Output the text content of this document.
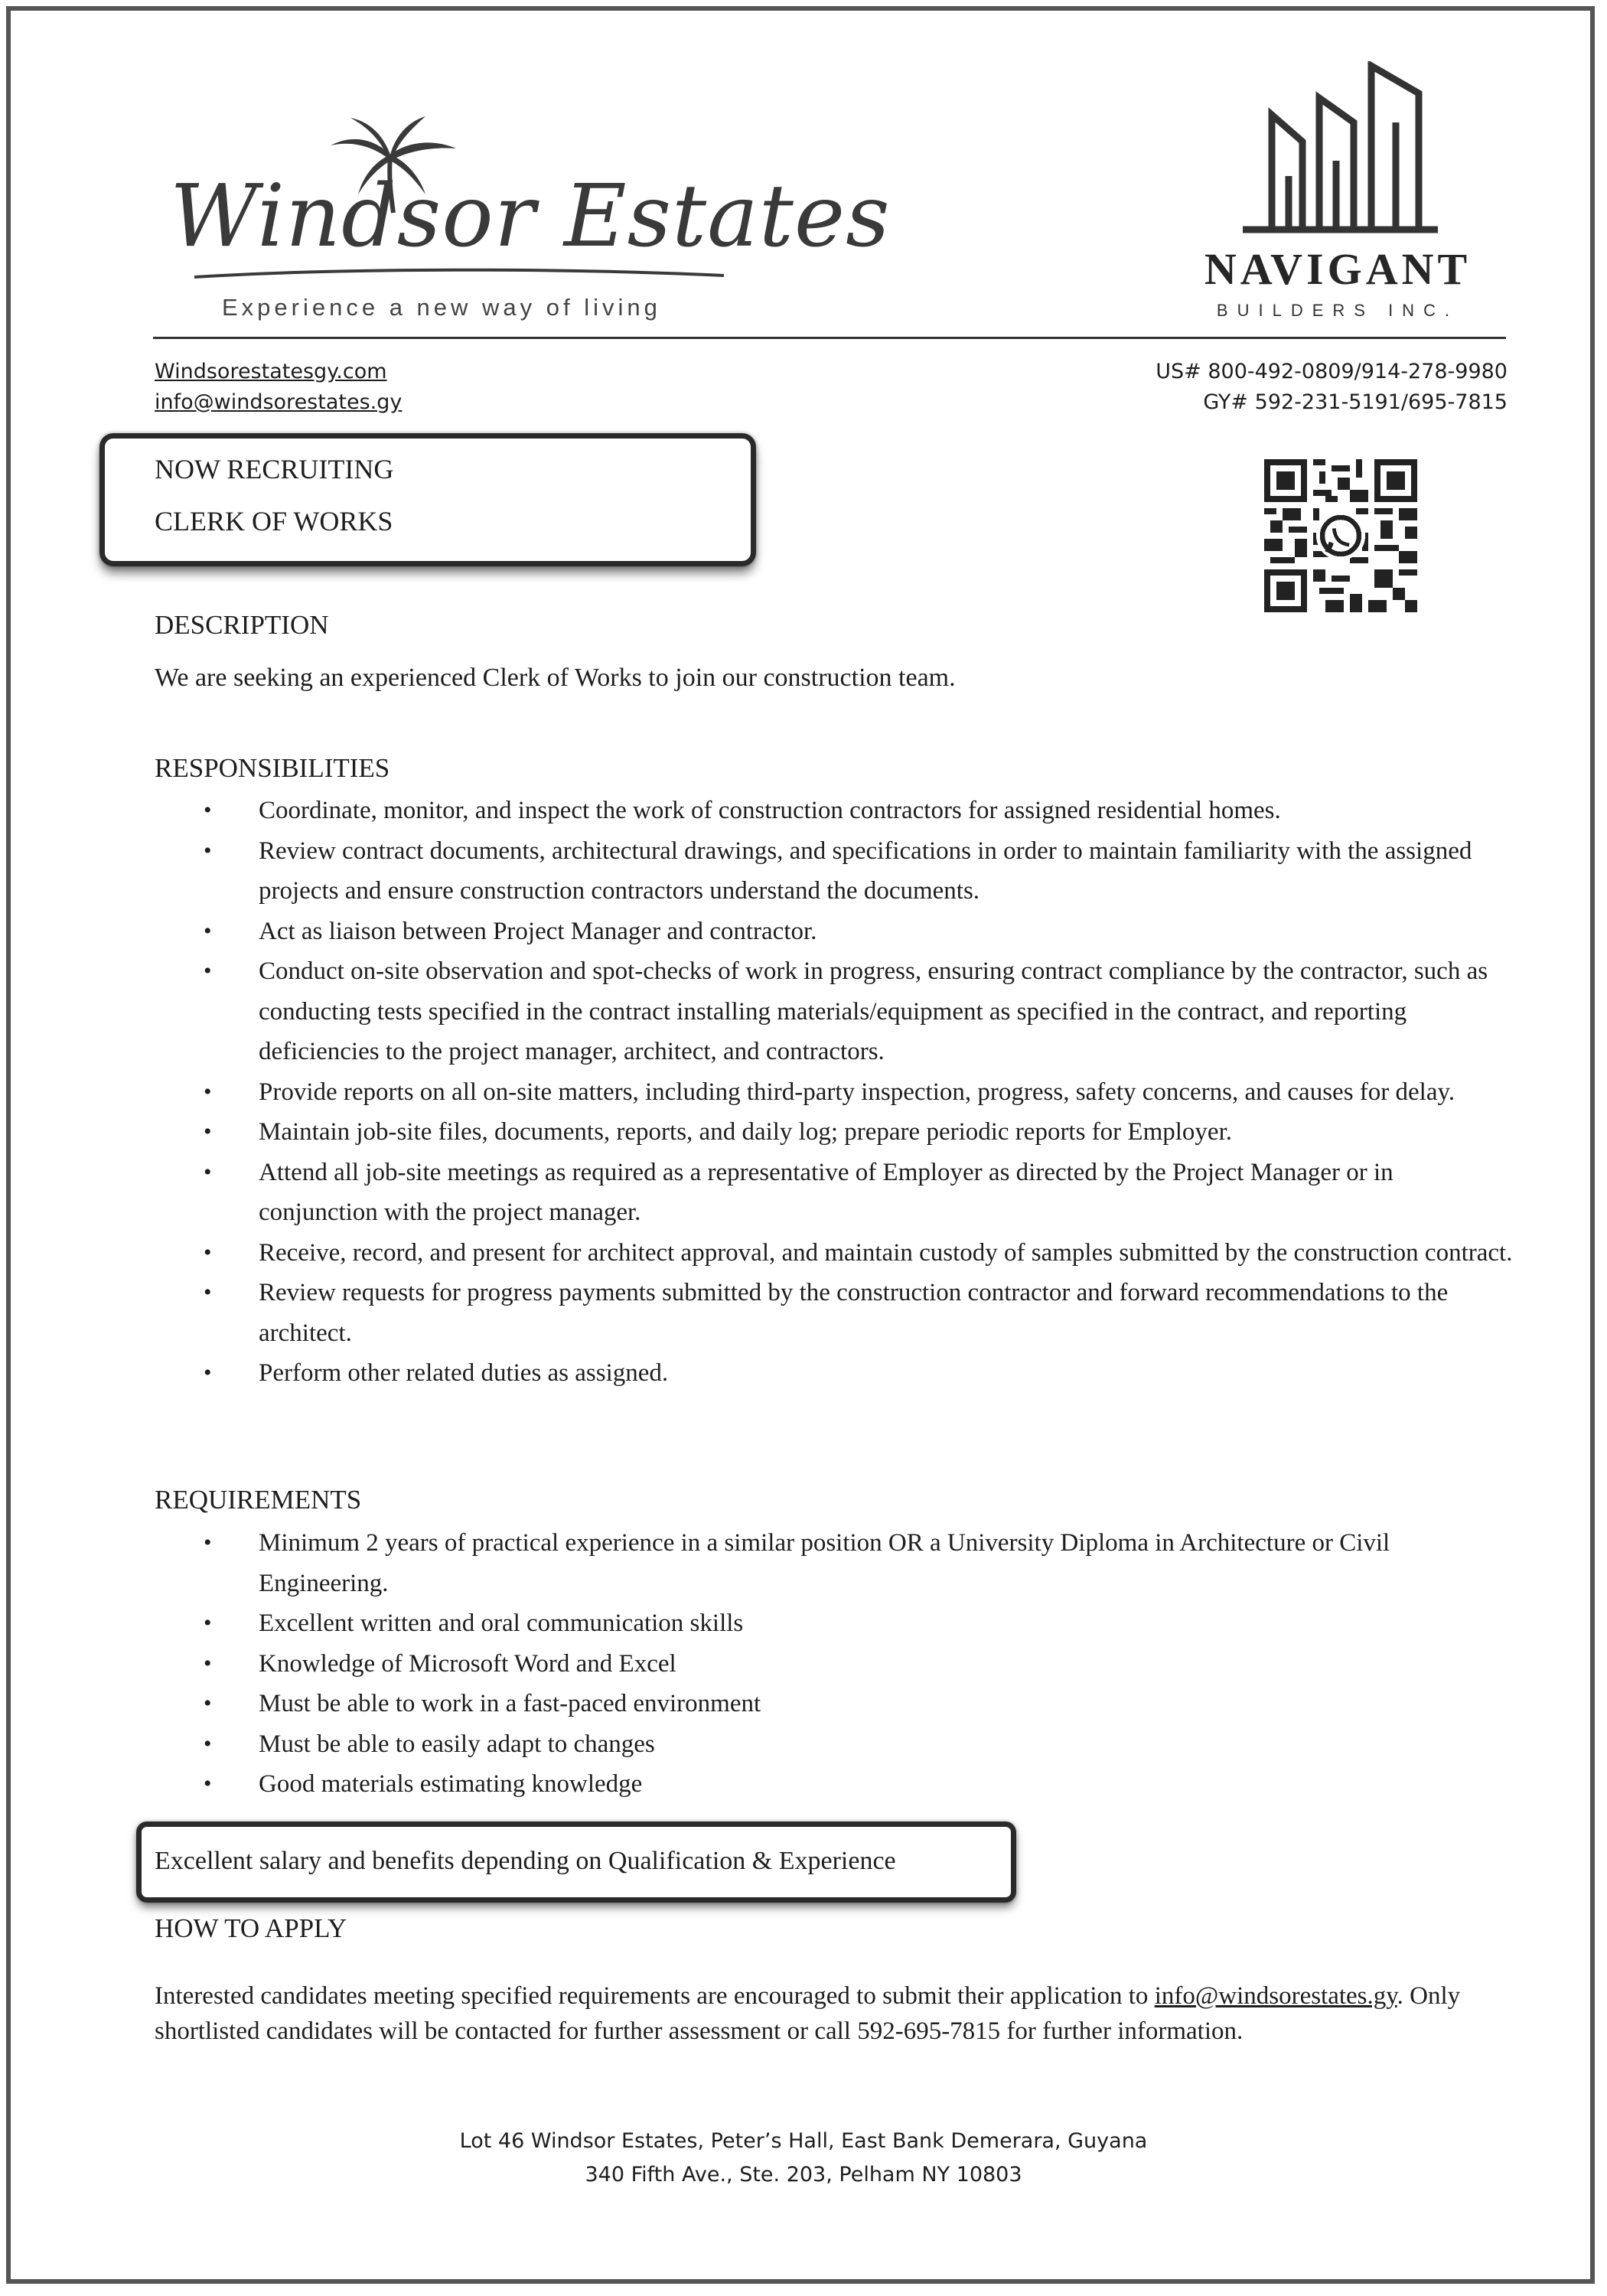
Windsor Estates
Experience a new way of living
NAVIGANT
BUILDERS INC.
Windsorestatesgy.com
info@windsorestates.gy
US# 800-492-0809/914-278-9980
GY# 592-231-5191/695-7815
NOW RECRUITING
CLERK OF WORKS
DESCRIPTION
We are seeking an experienced Clerk of Works to join our construction team.
RESPONSIBILITIES
• Coordinate, monitor, and inspect the work of construction contractors for assigned residential homes.
• Review contract documents, architectural drawings, and specifications in order to maintain familiarity with the assigned projects and ensure construction contractors understand the documents.
• Act as liaison between Project Manager and contractor.
• Conduct on-site observation and spot-checks of work in progress, ensuring contract compliance by the contractor, such as conducting tests specified in the contract installing materials/equipment as specified in the contract, and reporting deficiencies to the project manager, architect, and contractors.
• Provide reports on all on-site matters, including third-party inspection, progress, safety concerns, and causes for delay.
• Maintain job-site files, documents, reports, and daily log; prepare periodic reports for Employer.
• Attend all job-site meetings as required as a representative of Employer as directed by the Project Manager or in conjunction with the project manager.
• Receive, record, and present for architect approval, and maintain custody of samples submitted by the construction contract.
• Review requests for progress payments submitted by the construction contractor and forward recommendations to the architect.
• Perform other related duties as assigned.
REQUIREMENTS
• Minimum 2 years of practical experience in a similar position OR a University Diploma in Architecture or Civil Engineering.
• Excellent written and oral communication skills
• Knowledge of Microsoft Word and Excel
• Must be able to work in a fast-paced environment
• Must be able to easily adapt to changes
• Good materials estimating knowledge
Excellent salary and benefits depending on Qualification & Experience
HOW TO APPLY
Interested candidates meeting specified requirements are encouraged to submit their application to info@windsorestates.gy. Only shortlisted candidates will be contacted for further assessment or call 592-695-7815 for further information.
Lot 46 Windsor Estates, Peter’s Hall, East Bank Demerara, Guyana
340 Fifth Ave., Ste. 203, Pelham NY 10803
